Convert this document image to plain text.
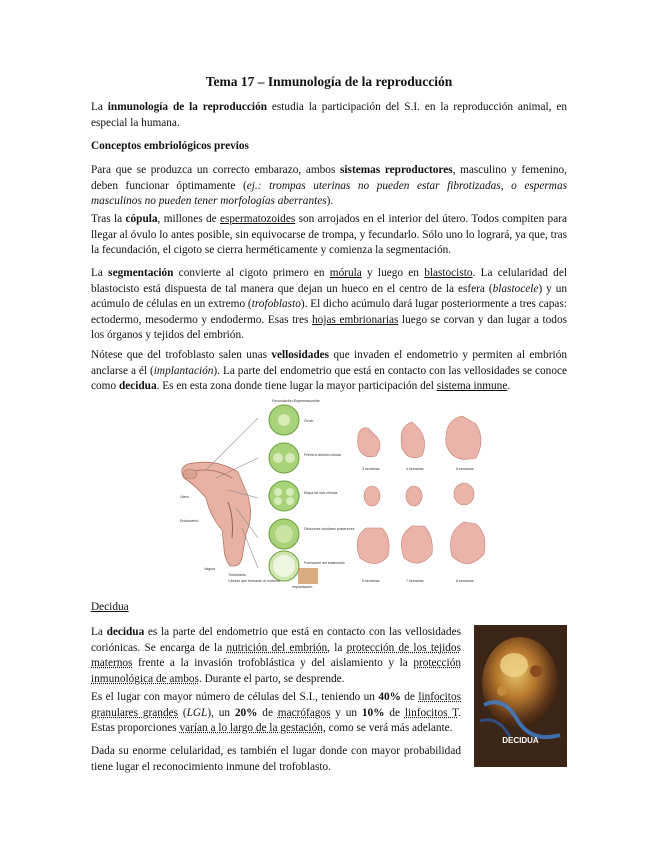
Tema 17 – Inmunología de la reproducción

La inmunología de la reproducción estudia la participación del S.I. en la reproducción animal, en especial la humana.

Conceptos embriológicos previos

Para que se produzca un correcto embarazo, ambos sistemas reproductores, masculino y femenino, deben funcionar óptimamente (ej.: trompas uterinas no pueden estar fibrotizadas, o espermas masculinos no pueden tener morfologías aberrantes).

Tras la cópula, millones de espermatozoides son arrojados en el interior del útero. Todos compiten para llegar al óvulo lo antes posible, sin equivocarse de trompa, y fecundarlo. Sólo uno lo logrará, ya que, tras la fecundación, el cigoto se cierra herméticamente y comienza la segmentación.

La segmentación convierte al cigoto primero en mórula y luego en blastocisto. La celularidad del blastocisto está dispuesta de tal manera que dejan un hueco en el centro de la esfera (blastocele) y un acúmulo de células en un extremo (trofoblasto). El dicho acúmulo dará lugar posteriormente a tres capas: ectodermo, mesodermo y endodermo. Esas tres hojas embrionarias luego se corvan y dan lugar a todos los órganos y tejidos del embrión.

Nótese que del trofoblasto salen unas vellosidades que invaden el endometrio y permiten al embrión anclarse a él (implantación). La parte del endometrio que está en contacto con las vellosidades se conoce como decidua. Es en esta zona donde tiene lugar la mayor participación del sistema inmune.

Útero
Endometrio
Vagina
Fecundación-Espermatozoide
Óvulo
Primera división celular
Etapa de dos células
Divisiones celulares posteriores
Formación del blastocisto
Trofoblasto
Células que formarán el embrión
Implantación
3 semanas	4 semanas	5 semanas
6 semanas	7 semanas	8 semanas

Decidua

La decidua es la parte del endometrio que está en contacto con las vellosidades coriónicas. Se encarga de la nutrición del embrión, la protección de los tejidos maternos frente a la invasión trofoblástica y del aislamiento y la protección inmunológica de ambos. Durante el parto, se desprende.

Es el lugar con mayor número de células del S.I., teniendo un 40% de linfocitos granulares grandes (LGL), un 20% de macrófagos y un 10% de linfocitos T. Estas proporciones varían a lo largo de la gestación, como se verá más adelante.

Dada su enorme celularidad, es también el lugar donde con mayor probabilidad tiene lugar el reconocimiento inmune del trofoblasto.

DECIDUA
